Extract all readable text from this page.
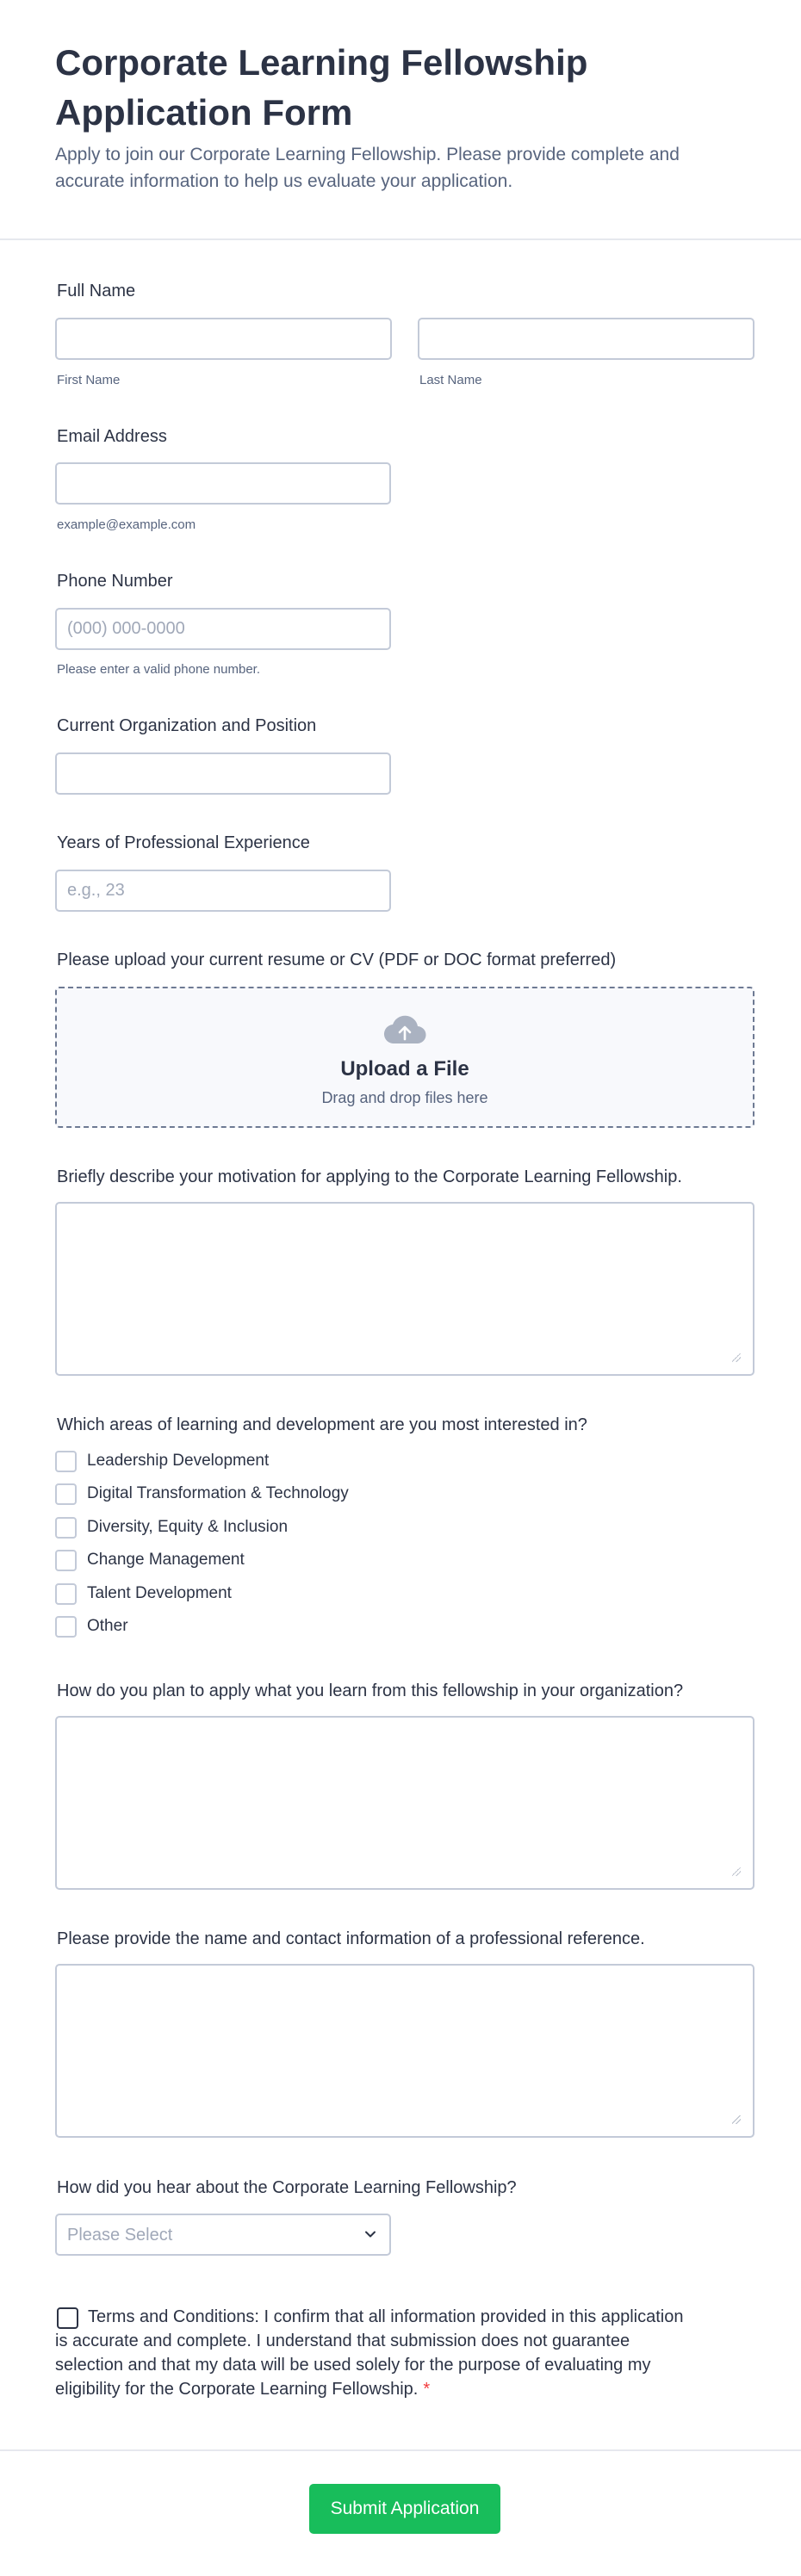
Corporate Learning Fellowship Application Form

Apply to join our Corporate Learning Fellowship. Please provide complete and accurate information to help us evaluate your application.

Full Name
First Name	Last Name
Email Address
example@example.com
Phone Number
(000) 000-0000
Please enter a valid phone number.
Current Organization and Position
Years of Professional Experience
e.g., 23
Please upload your current resume or CV (PDF or DOC format preferred)
Upload a File
Drag and drop files here
Briefly describe your motivation for applying to the Corporate Learning Fellowship.
Which areas of learning and development are you most interested in?
Leadership Development
Digital Transformation & Technology
Diversity, Equity & Inclusion
Change Management
Talent Development
Other
How do you plan to apply what you learn from this fellowship in your organization?
Please provide the name and contact information of a professional reference.
How did you hear about the Corporate Learning Fellowship?
Please Select

Terms and Conditions: I confirm that all information provided in this application is accurate and complete. I understand that submission does not guarantee selection and that my data will be used solely for the purpose of evaluating my eligibility for the Corporate Learning Fellowship. *

Submit Application
